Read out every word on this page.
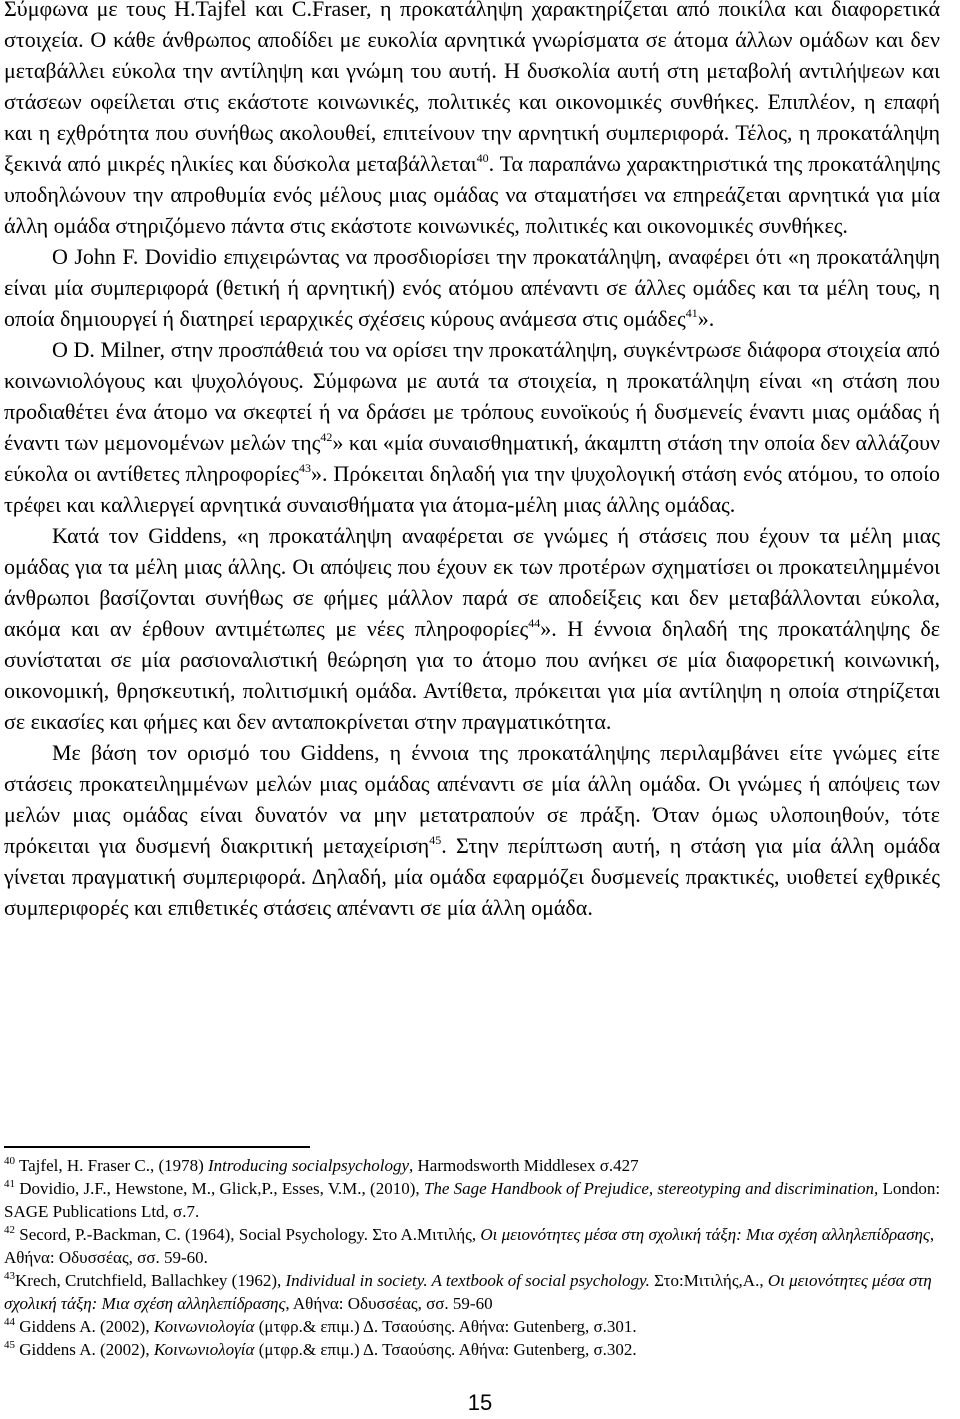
Σύμφωνα με τους H.Tajfel και C.Fraser, η προκατάληψη χαρακτηρίζεται από ποικίλα και διαφορετικά στοιχεία. Ο κάθε άνθρωπος αποδίδει με ευκολία αρνητικά γνωρίσματα σε άτομα άλλων ομάδων και δεν μεταβάλλει εύκολα την αντίληψη και γνώμη του αυτή. Η δυσκολία αυτή στη μεταβολή αντιλήψεων και στάσεων οφείλεται στις εκάστοτε κοινωνικές, πολιτικές και οικονομικές συνθήκες. Επιπλέον, η επαφή και η εχθρότητα που συνήθως ακολουθεί, επιτείνουν την αρνητική συμπεριφορά. Τέλος, η προκατάληψη ξεκινά από μικρές ηλικίες και δύσκολα μεταβάλλεται$^{40}$. Τα παραπάνω χαρακτηριστικά της προκατάληψης υποδηλώνουν την απροθυμία ενός μέλους μιας ομάδας να σταματήσει να επηρεάζεται αρνητικά για μία άλλη ομάδα στηριζόμενο πάντα στις εκάστοτε κοινωνικές, πολιτικές και οικονομικές συνθήκες.

Ο John F. Dovidio επιχειρώντας να προσδιορίσει την προκατάληψη, αναφέρει ότι «η προκατάληψη είναι μία συμπεριφορά (θετική ή αρνητική) ενός ατόμου απέναντι σε άλλες ομάδες και τα μέλη τους, η οποία δημιουργεί ή διατηρεί ιεραρχικές σχέσεις κύρους ανάμεσα στις ομάδες$^{41}$».

Ο D. Milner, στην προσπάθειά του να ορίσει την προκατάληψη, συγκέντρωσε διάφορα στοιχεία από κοινωνιολόγους και ψυχολόγους. Σύμφωνα με αυτά τα στοιχεία, η προκατάληψη είναι «η στάση που προδιαθέτει ένα άτομο να σκεφτεί ή να δράσει με τρόπους ευνοϊκούς ή δυσμενείς έναντι μιας ομάδας ή έναντι των μεμονομένων μελών της$^{42}$» και «μία συναισθηματική, άκαμπτη στάση την οποία δεν αλλάζουν εύκολα οι αντίθετες πληροφορίες$^{43}$». Πρόκειται δηλαδή για την ψυχολογική στάση ενός ατόμου, το οποίο τρέφει και καλλιεργεί αρνητικά συναισθήματα για άτομα-μέλη μιας άλλης ομάδας.

Κατά τον Giddens, «η προκατάληψη αναφέρεται σε γνώμες ή στάσεις που έχουν τα μέλη μιας ομάδας για τα μέλη μιας άλλης. Οι απόψεις που έχουν εκ των προτέρων σχηματίσει οι προκατειλημμένοι άνθρωποι βασίζονται συνήθως σε φήμες μάλλον παρά σε αποδείξεις και δεν μεταβάλλονται εύκολα, ακόμα και αν έρθουν αντιμέτωπες με νέες πληροφορίες$^{44}$». Η έννοια δηλαδή της προκατάληψης δε συνίσταται σε μία ρασιοναλιστική θεώρηση για το άτομο που ανήκει σε μία διαφορετική κοινωνική, οικονομική, θρησκευτική, πολιτισμική ομάδα. Αντίθετα, πρόκειται για μία αντίληψη η οποία στηρίζεται σε εικασίες και φήμες και δεν ανταποκρίνεται στην πραγματικότητα.

Με βάση τον ορισμό του Giddens, η έννοια της προκατάληψης περιλαμβάνει είτε γνώμες είτε στάσεις προκατειλημμένων μελών μιας ομάδας απέναντι σε μία άλλη ομάδα. Οι γνώμες ή απόψεις των μελών μιας ομάδας είναι δυνατόν να μην μετατραπούν σε πράξη. Όταν όμως υλοποιηθούν, τότε πρόκειται για δυσμενή διακριτική μεταχείριση$^{45}$. Στην περίπτωση αυτή, η στάση για μία άλλη ομάδα γίνεται πραγματική συμπεριφορά. Δηλαδή, μία ομάδα εφαρμόζει δυσμενείς πρακτικές, υιοθετεί εχθρικές συμπεριφορές και επιθετικές στάσεις απέναντι σε μία άλλη ομάδα.

$^{40}$ Tajfel, H. Fraser C., (1978) Introducing socialpsychology, Harmodsworth Middlesex σ.427

$^{41}$ Dovidio, J.F., Hewstone, M., Glick,P., Esses, V.M., (2010), The Sage Handbook of Prejudice, stereotyping and discrimination, London: SAGE Publications Ltd, σ.7.

$^{42}$ Secord, P.-Backman, C. (1964), Social Psychology. Στο Α.Μιτιλής, Οι μειονότητες μέσα στη σχολική τάξη: Μια σχέση αλληλεπίδρασης, Αθήνα: Οδυσσέας, σσ. 59-60.

$^{43}$Krech, Crutchfield, Ballachkey (1962), Individual in society. A textbook of social psychology. Στο:Μιτιλής,Α., Οι μειονότητες μέσα στη σχολική τάξη: Μια σχέση αλληλεπίδρασης, Αθήνα: Οδυσσέας, σσ. 59-60

$^{44}$ Giddens A. (2002), Κοινωνιολογία (μτφρ.& επιμ.) Δ. Τσαούσης. Αθήνα: Gutenberg, σ.301.

$^{45}$ Giddens A. (2002), Κοινωνιολογία (μτφρ.& επιμ.) Δ. Τσαούσης. Αθήνα: Gutenberg, σ.302.

15
